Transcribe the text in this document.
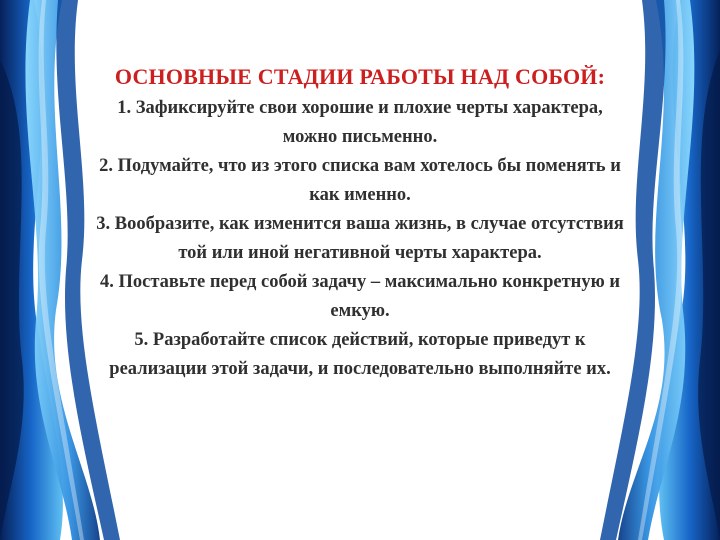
ОСНОВНЫЕ СТАДИИ РАБОТЫ НАД СОБОЙ:

1. Зафиксируйте свои хорошие и плохие черты характера, можно письменно.

2. Подумайте, что из этого списка вам хотелось бы поменять и как именно.

3. Вообразите, как изменится ваша жизнь, в случае отсутствия той или иной негативной черты характера.

4. Поставьте перед собой задачу – максимально конкретную и емкую.

5. Разработайте список действий, которые приведут к реализации этой задачи, и последовательно выполняйте их.
